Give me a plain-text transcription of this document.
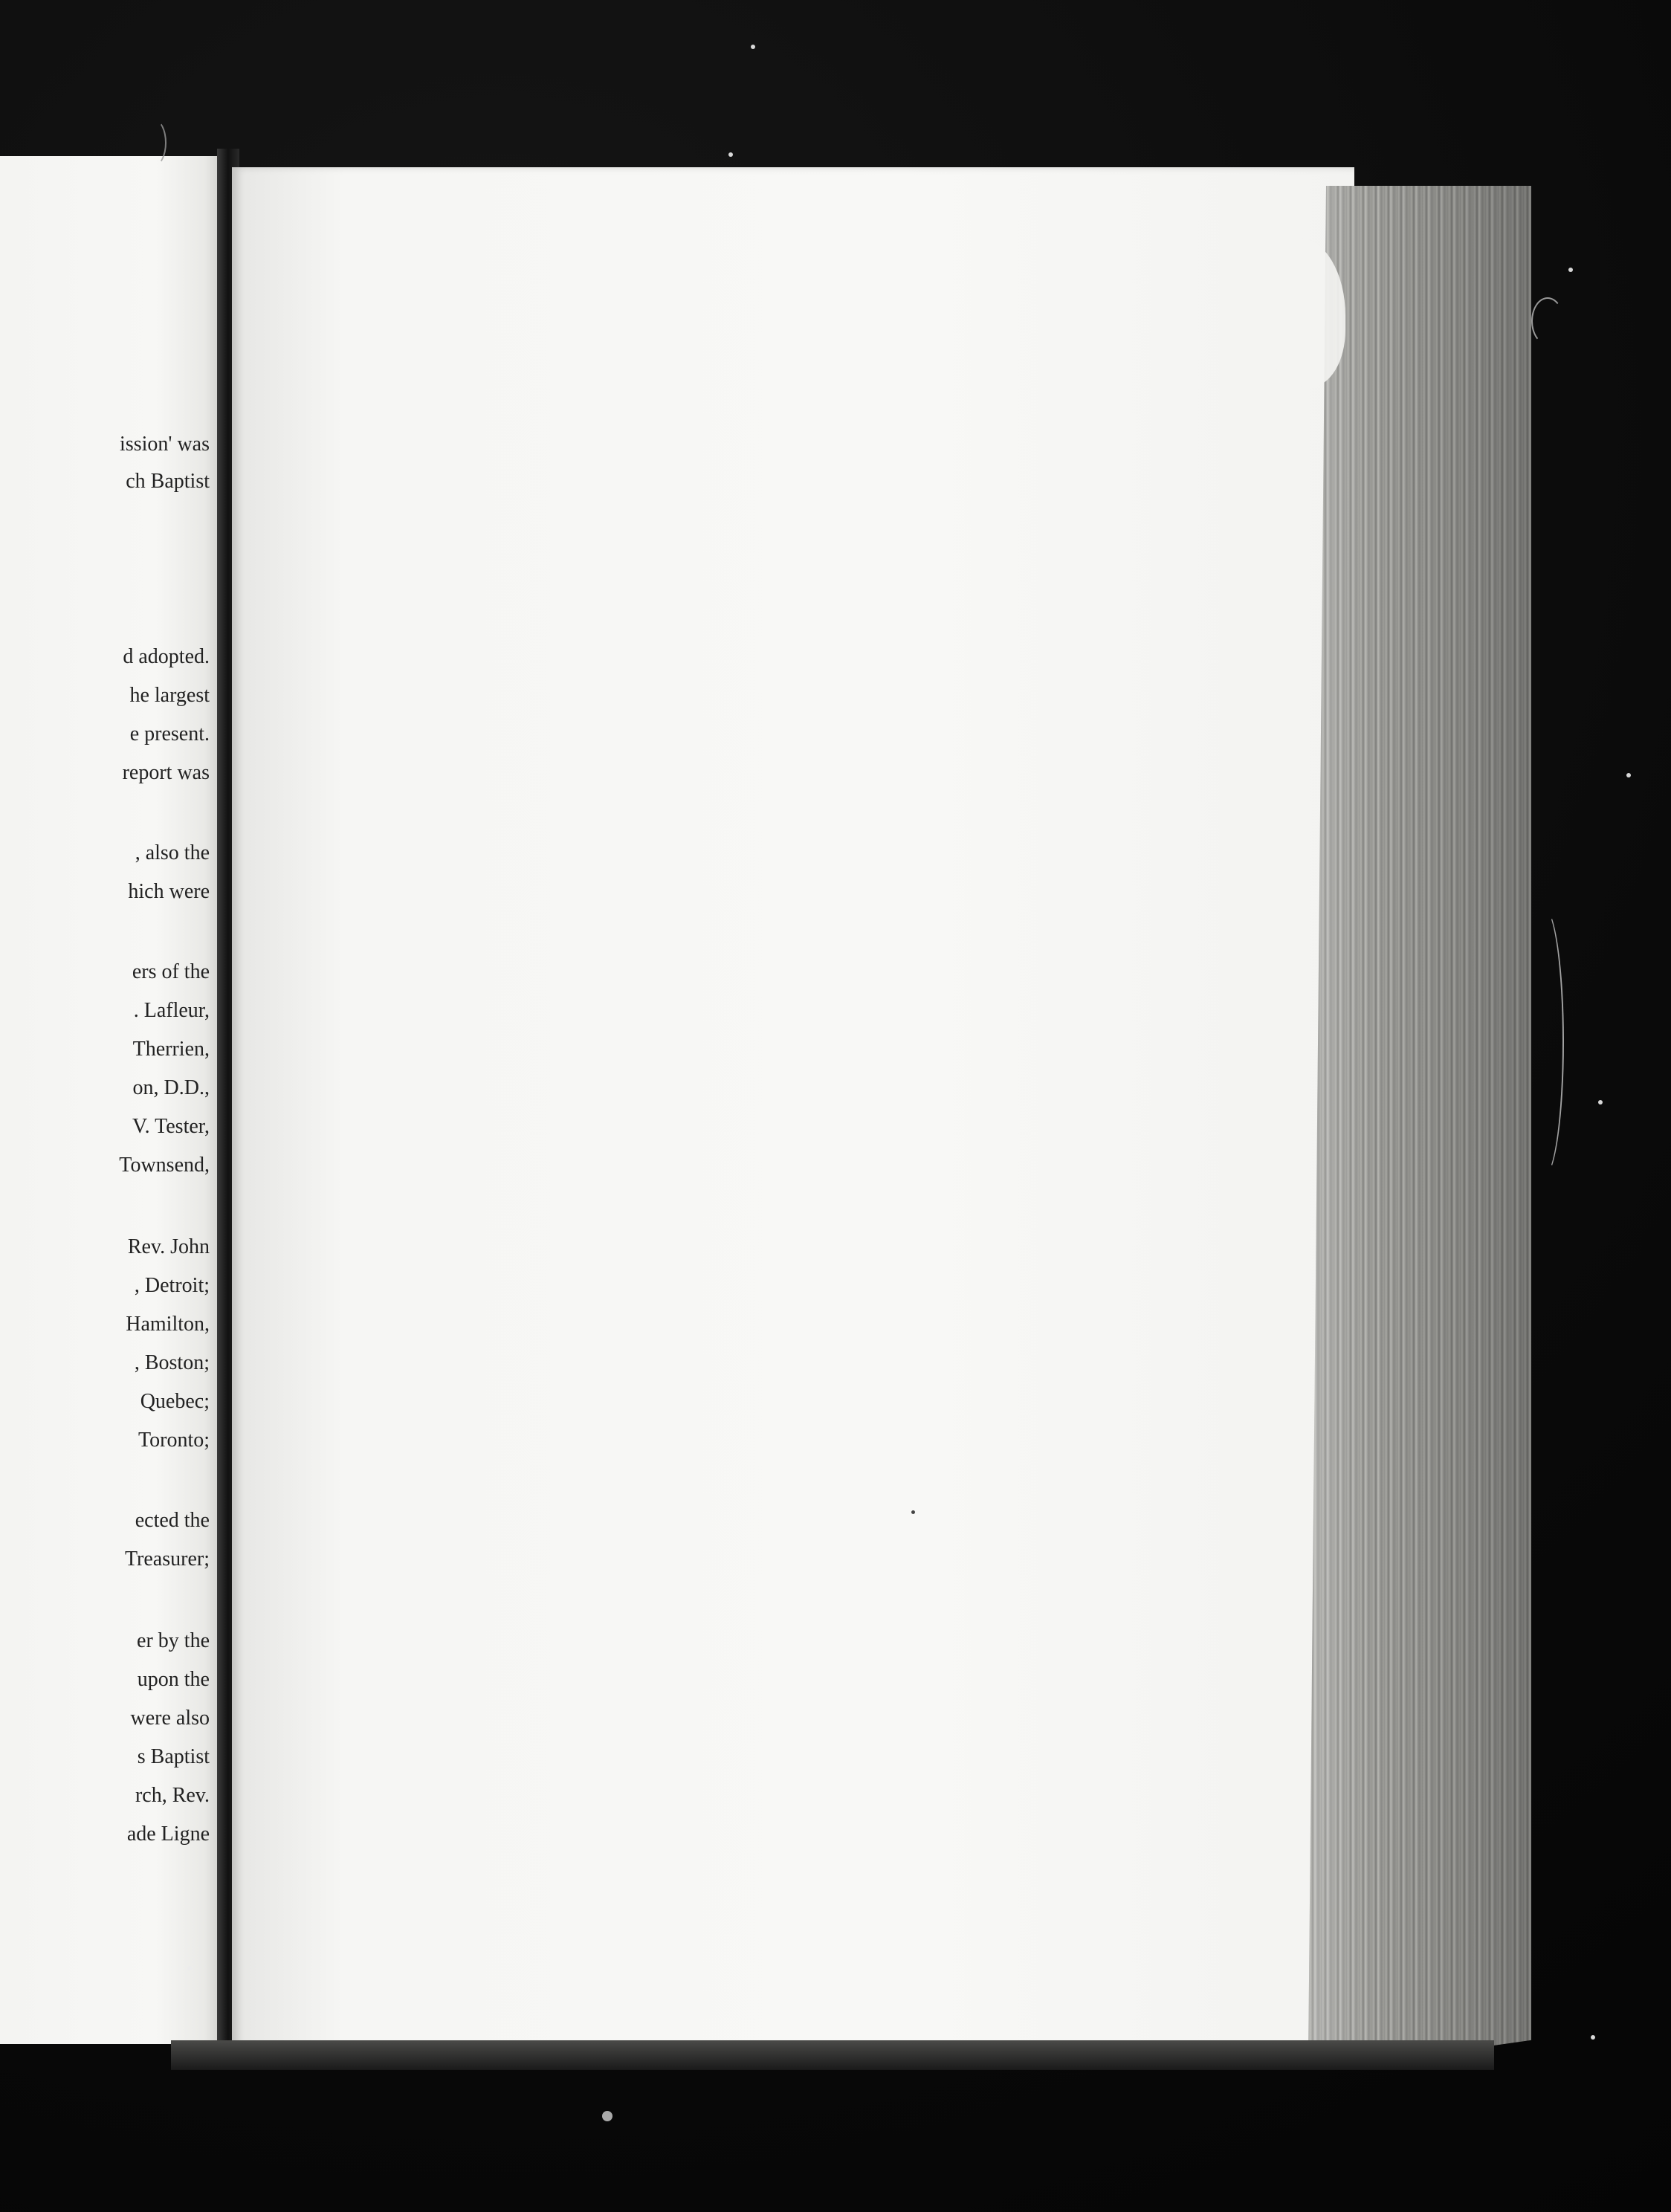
ission' was
ch Baptist
d adopted.
he largest
e present.
report was
, also the
hich were
ers of the
. Lafleur,
Therrien,
on, D.D.,
V. Tester,
Townsend,
Rev. John
, Detroit;
Hamilton,
, Boston;
Quebec;
Toronto;
ected the
Treasurer;
er by the
upon the
were also
s Baptist
rch, Rev.
ade Ligne
